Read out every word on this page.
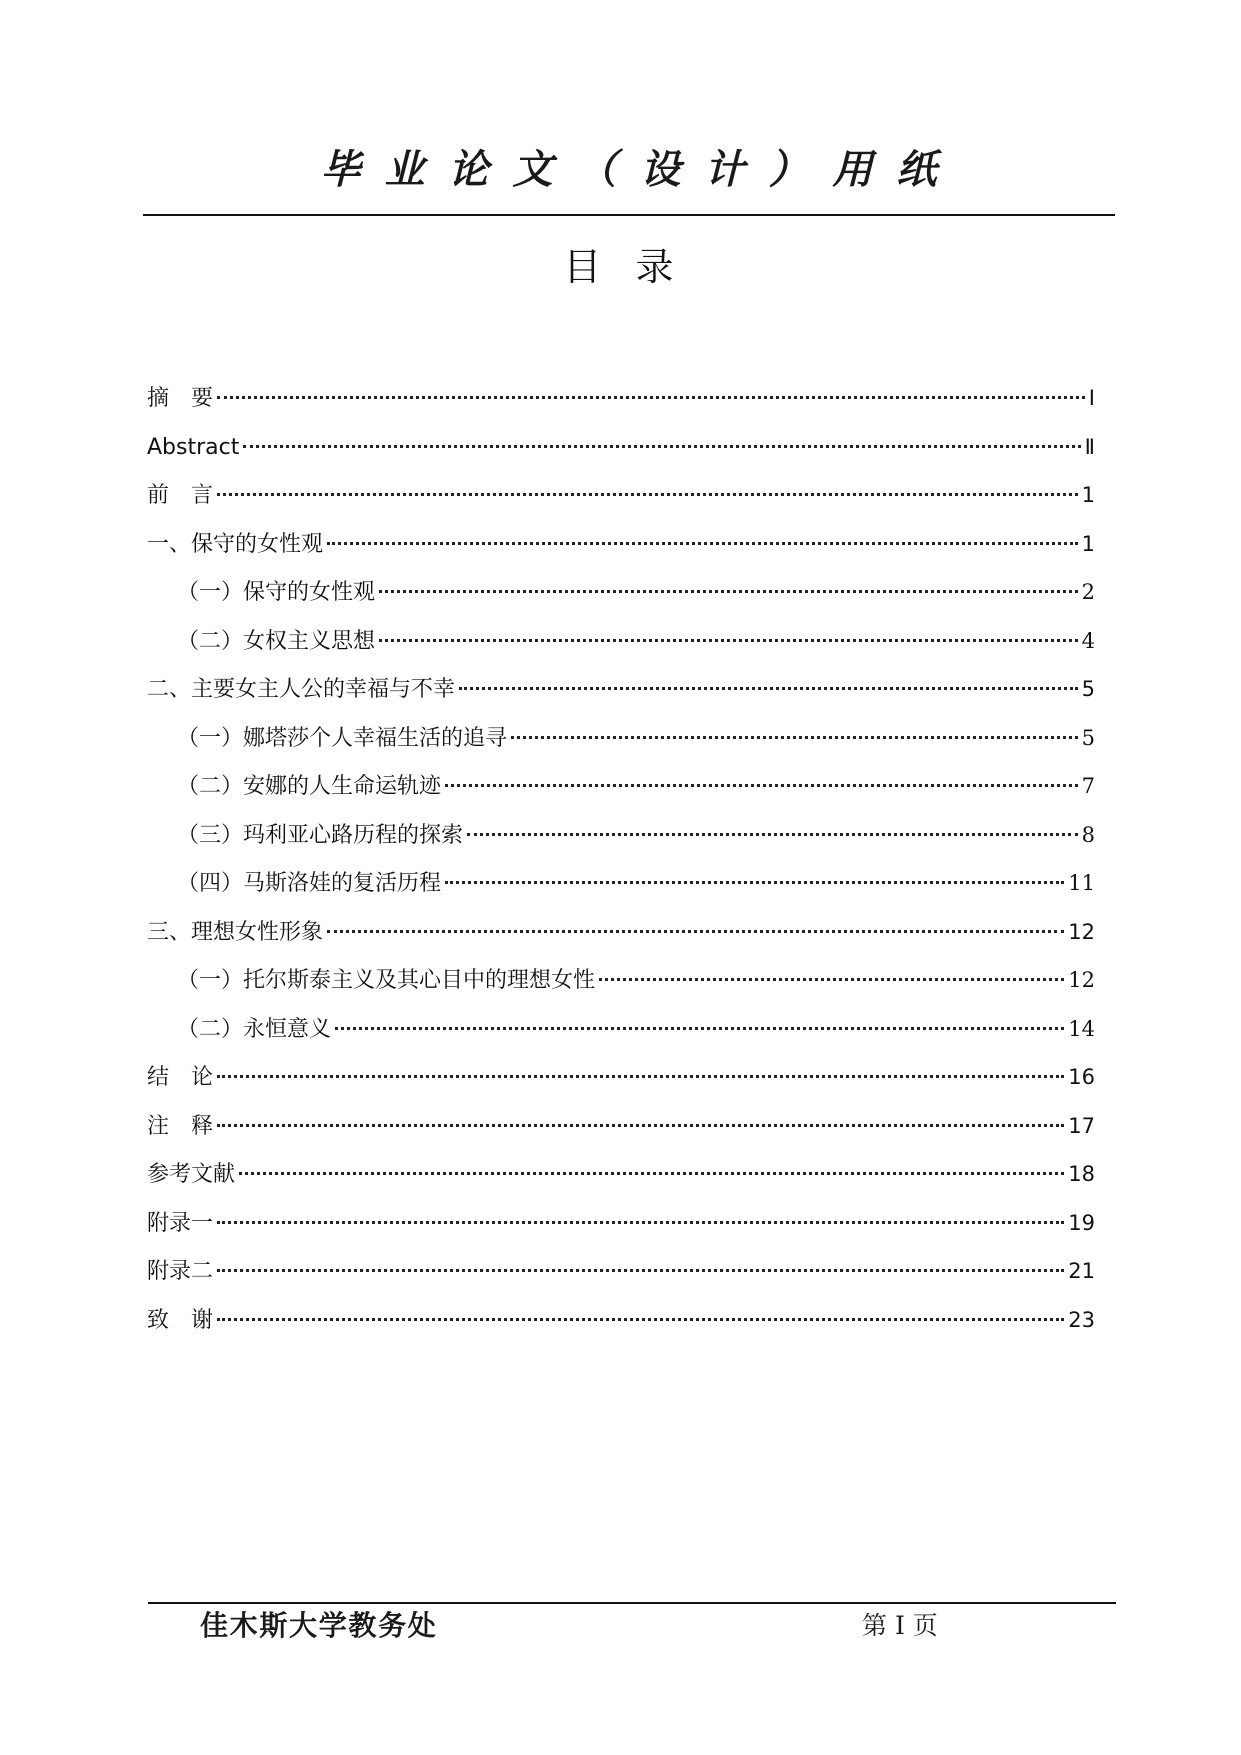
毕业论文（设计）用纸
目录
摘　要	Ⅰ
Abstract	Ⅱ
前　言	1
一、保守的女性观	1
（一）保守的女性观	2
（二）女权主义思想	4
二、主要女主人公的幸福与不幸	5
（一）娜塔莎个人幸福生活的追寻	5
（二）安娜的人生命运轨迹	7
（三）玛利亚心路历程的探索	8
（四）马斯洛娃的复活历程	11
三、理想女性形象	12
（一）托尔斯泰主义及其心目中的理想女性	12
（二）永恒意义	14
结　论	16
注　释	17
参考文献	18
附录一	19
附录二	21
致　谢	23
佳木斯大学教务处	第 I 页
